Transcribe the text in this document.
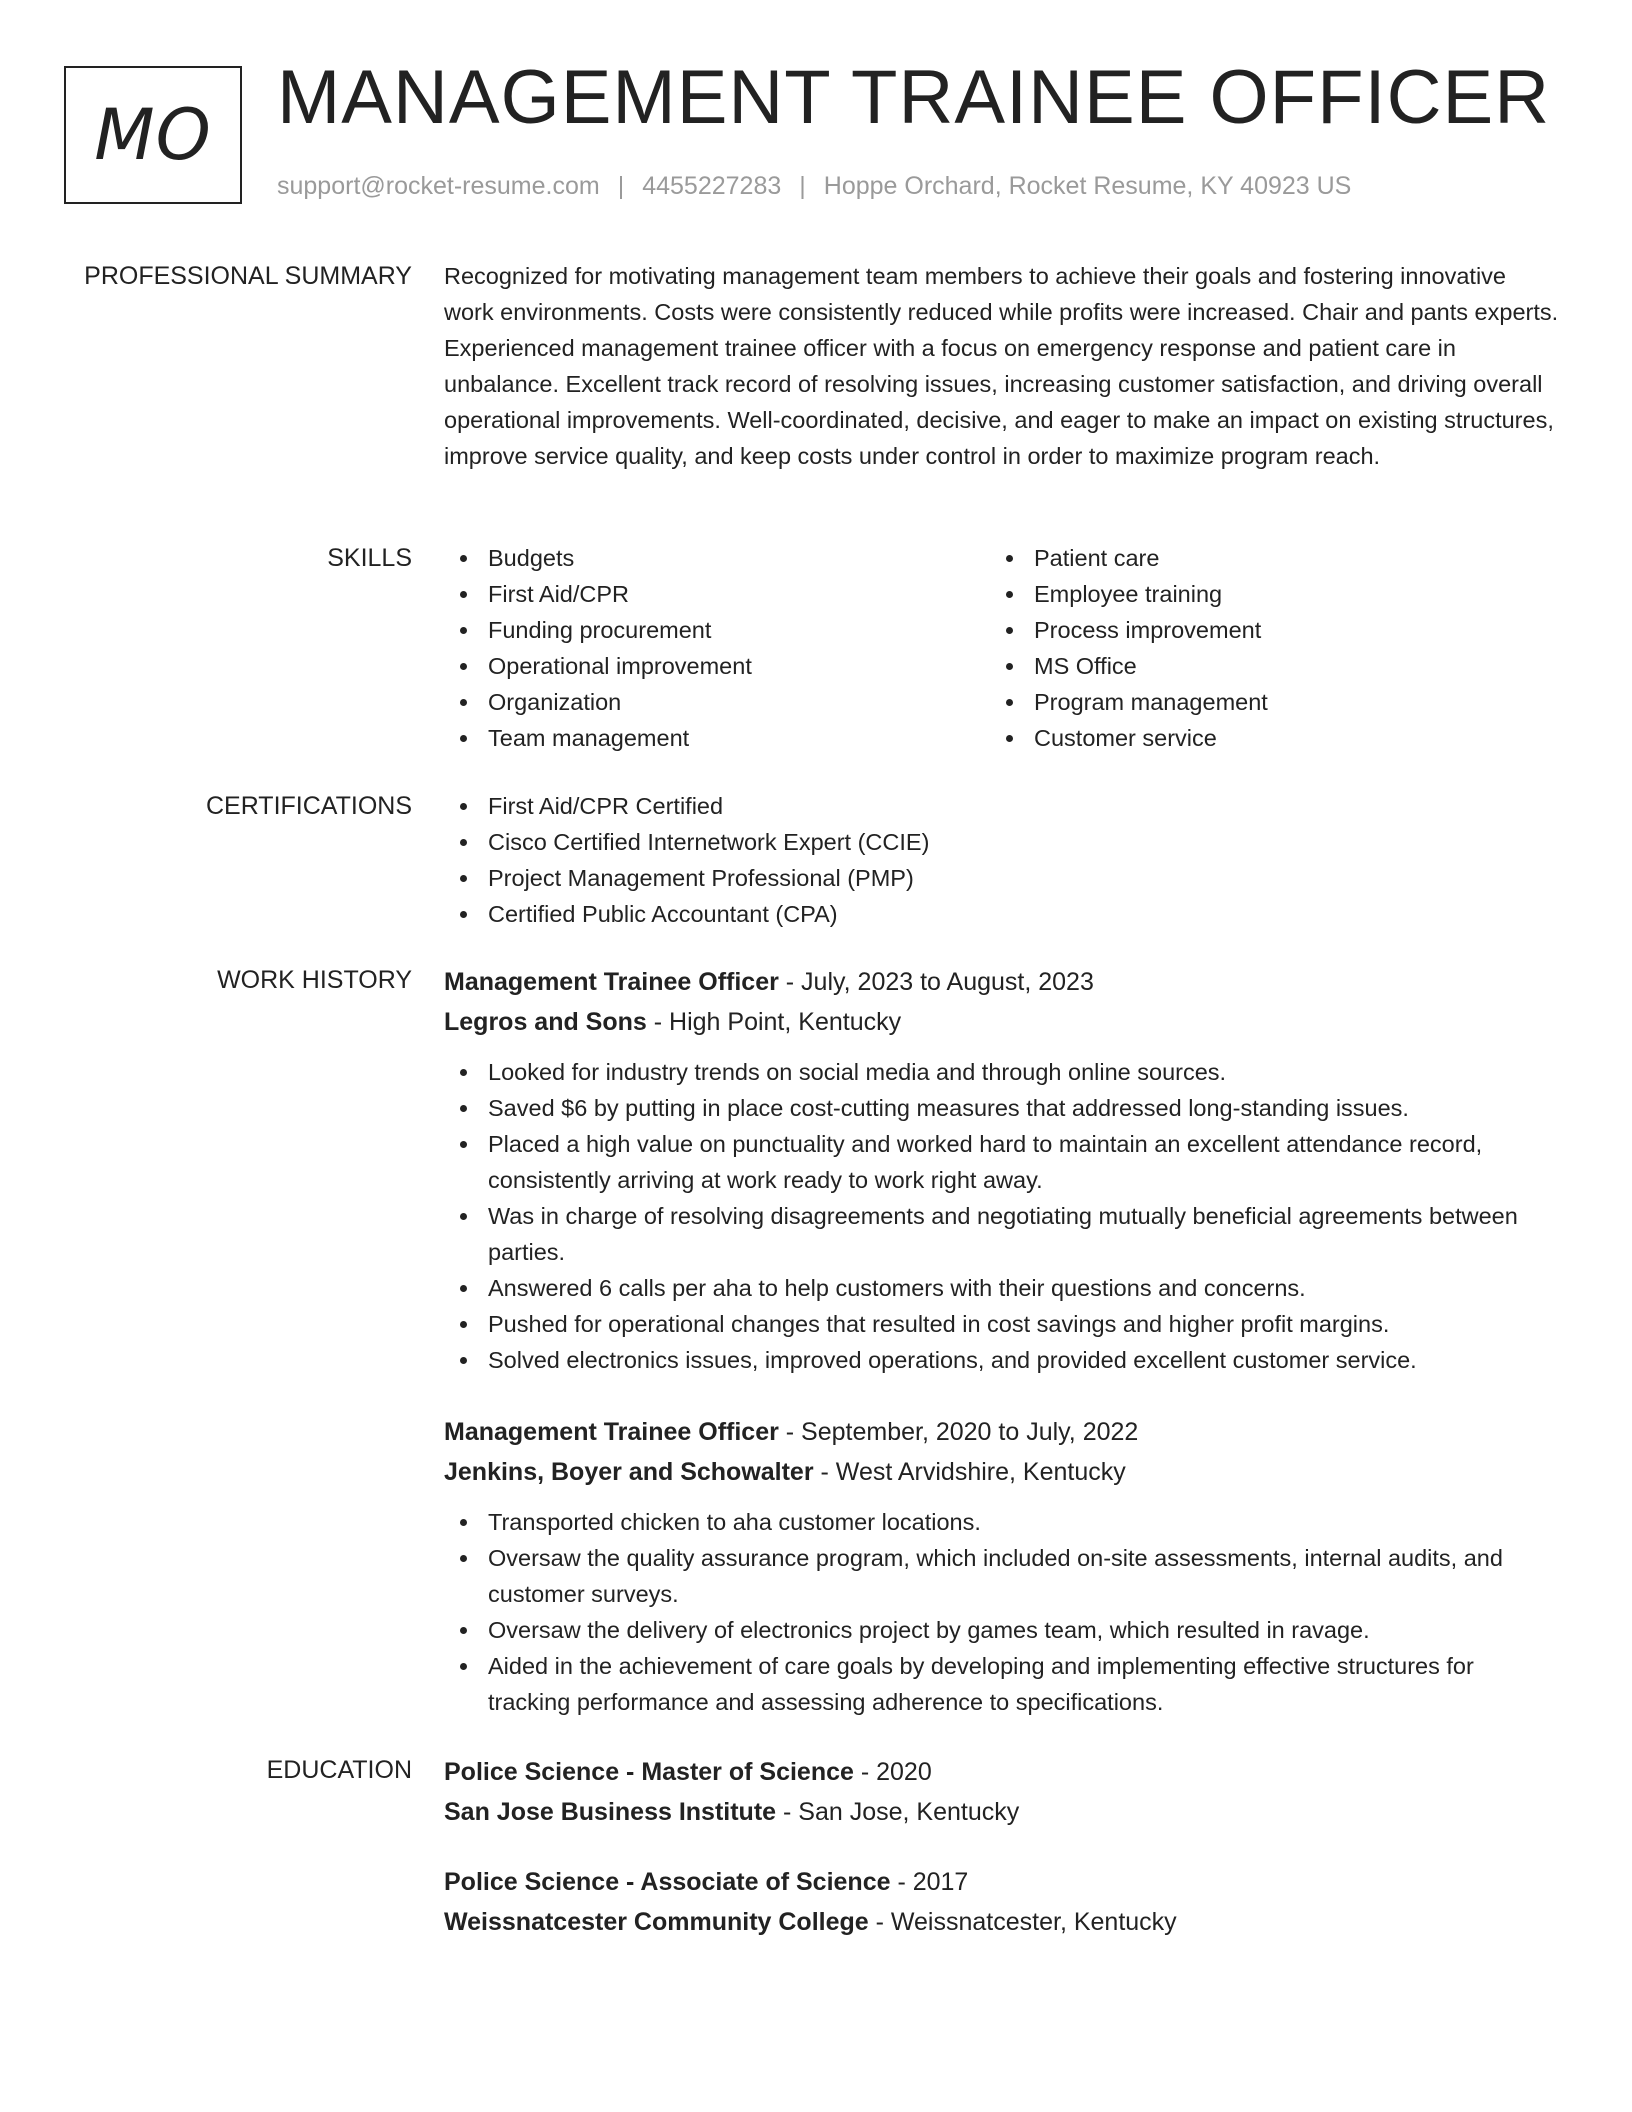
MO MANAGEMENT TRAINEE OFFICER
support@rocket-resume.com | 4455227283 | Hoppe Orchard, Rocket Resume, KY 40923 US
PROFESSIONAL SUMMARY Recognized for motivating management team members to achieve their goals and fostering innovative work environments. Costs were consistently reduced while profits were increased. Chair and pants experts. Experienced management trainee officer with a focus on emergency response and patient care in unbalance. Excellent track record of resolving issues, increasing customer satisfaction, and driving overall operational improvements. Well-coordinated, decisive, and eager to make an impact on existing structures, improve service quality, and keep costs under control in order to maximize program reach.

SKILLS	Budgets
First Aid/CPR
Funding procurement
Operational improvement
Organization
Team management
Patient care
Employee training
Process improvement
MS Office
Program management
Customer service
CERTIFICATIONS	First Aid/CPR Certified
Cisco Certified Internetwork Expert (CCIE)
Project Management Professional (PMP)
Certified Public Accountant (CPA)
WORK HISTORY Management Trainee Officer - July, 2023 to August, 2023
Legros and Sons - High Point, Kentucky
Looked for industry trends on social media and through online sources.
Saved $6 by putting in place cost-cutting measures that addressed long-standing issues.
Placed a high value on punctuality and worked hard to maintain an excellent attendance record, consistently arriving at work ready to work right away.
Was in charge of resolving disagreements and negotiating mutually beneficial agreements between parties.
Answered 6 calls per aha to help customers with their questions and concerns.
Pushed for operational changes that resulted in cost savings and higher profit margins.
Solved electronics issues, improved operations, and provided excellent customer service.
Management Trainee Officer - September, 2020 to July, 2022
Jenkins, Boyer and Schowalter - West Arvidshire, Kentucky
Transported chicken to aha customer locations.
Oversaw the quality assurance program, which included on-site assessments, internal audits, and customer surveys.
Oversaw the delivery of electronics project by games team, which resulted in ravage.
Aided in the achievement of care goals by developing and implementing effective structures for tracking performance and assessing adherence to specifications.
EDUCATION Police Science - Master of Science - 2020
San Jose Business Institute - San Jose, Kentucky
Police Science - Associate of Science - 2017
Weissnatcester Community College - Weissnatcester, Kentucky
